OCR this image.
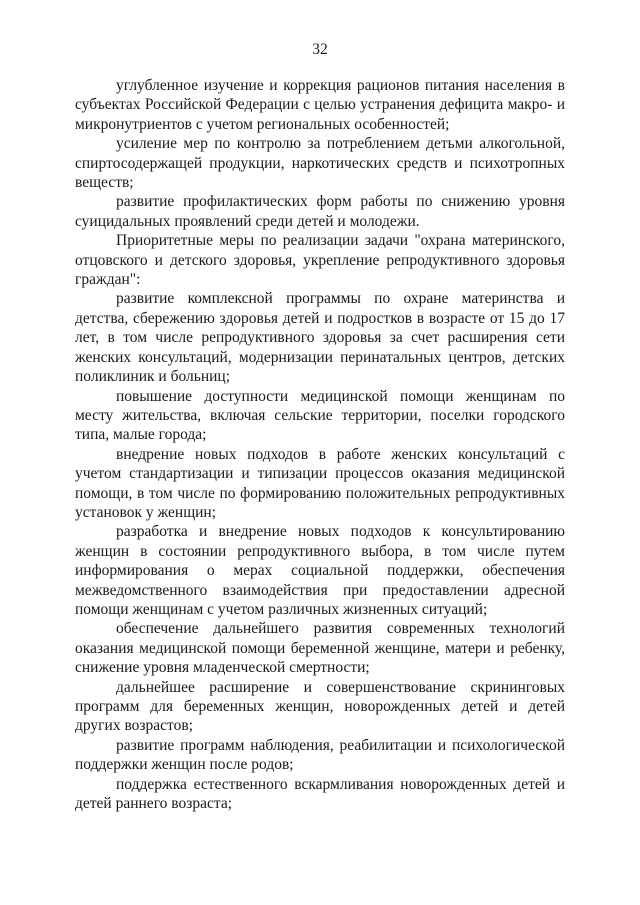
32

углубленное изучение и коррекция рационов питания населения в субъектах Российской Федерации с целью устранения дефицита макро- и микронутриентов с учетом региональных особенностей;

усиление мер по контролю за потреблением детьми алкогольной, спиртосодержащей продукции, наркотических средств и психотропных веществ;

развитие профилактических форм работы по снижению уровня суицидальных проявлений среди детей и молодежи.

Приоритетные меры по реализации задачи "охрана материнского, отцовского и детского здоровья, укрепление репродуктивного здоровья граждан":

развитие комплексной программы по охране материнства и детства, сбережению здоровья детей и подростков в возрасте от 15 до 17 лет, в том числе репродуктивного здоровья за счет расширения сети женских консультаций, модернизации перинатальных центров, детских поликлиник и больниц;

повышение доступности медицинской помощи женщинам по месту жительства, включая сельские территории, поселки городского типа, малые города;

внедрение новых подходов в работе женских консультаций с учетом стандартизации и типизации процессов оказания медицинской помощи, в том числе по формированию положительных репродуктивных установок у женщин;

разработка и внедрение новых подходов к консультированию женщин в состоянии репродуктивного выбора, в том числе путем информирования о мерах социальной поддержки, обеспечения межведомственного взаимодействия при предоставлении адресной помощи женщинам с учетом различных жизненных ситуаций;

обеспечение дальнейшего развития современных технологий оказания медицинской помощи беременной женщине, матери и ребенку, снижение уровня младенческой смертности;

дальнейшее расширение и совершенствование скрининговых программ для беременных женщин, новорожденных детей и детей других возрастов;

развитие программ наблюдения, реабилитации и психологической поддержки женщин после родов;

поддержка естественного вскармливания новорожденных детей и детей раннего возраста;
